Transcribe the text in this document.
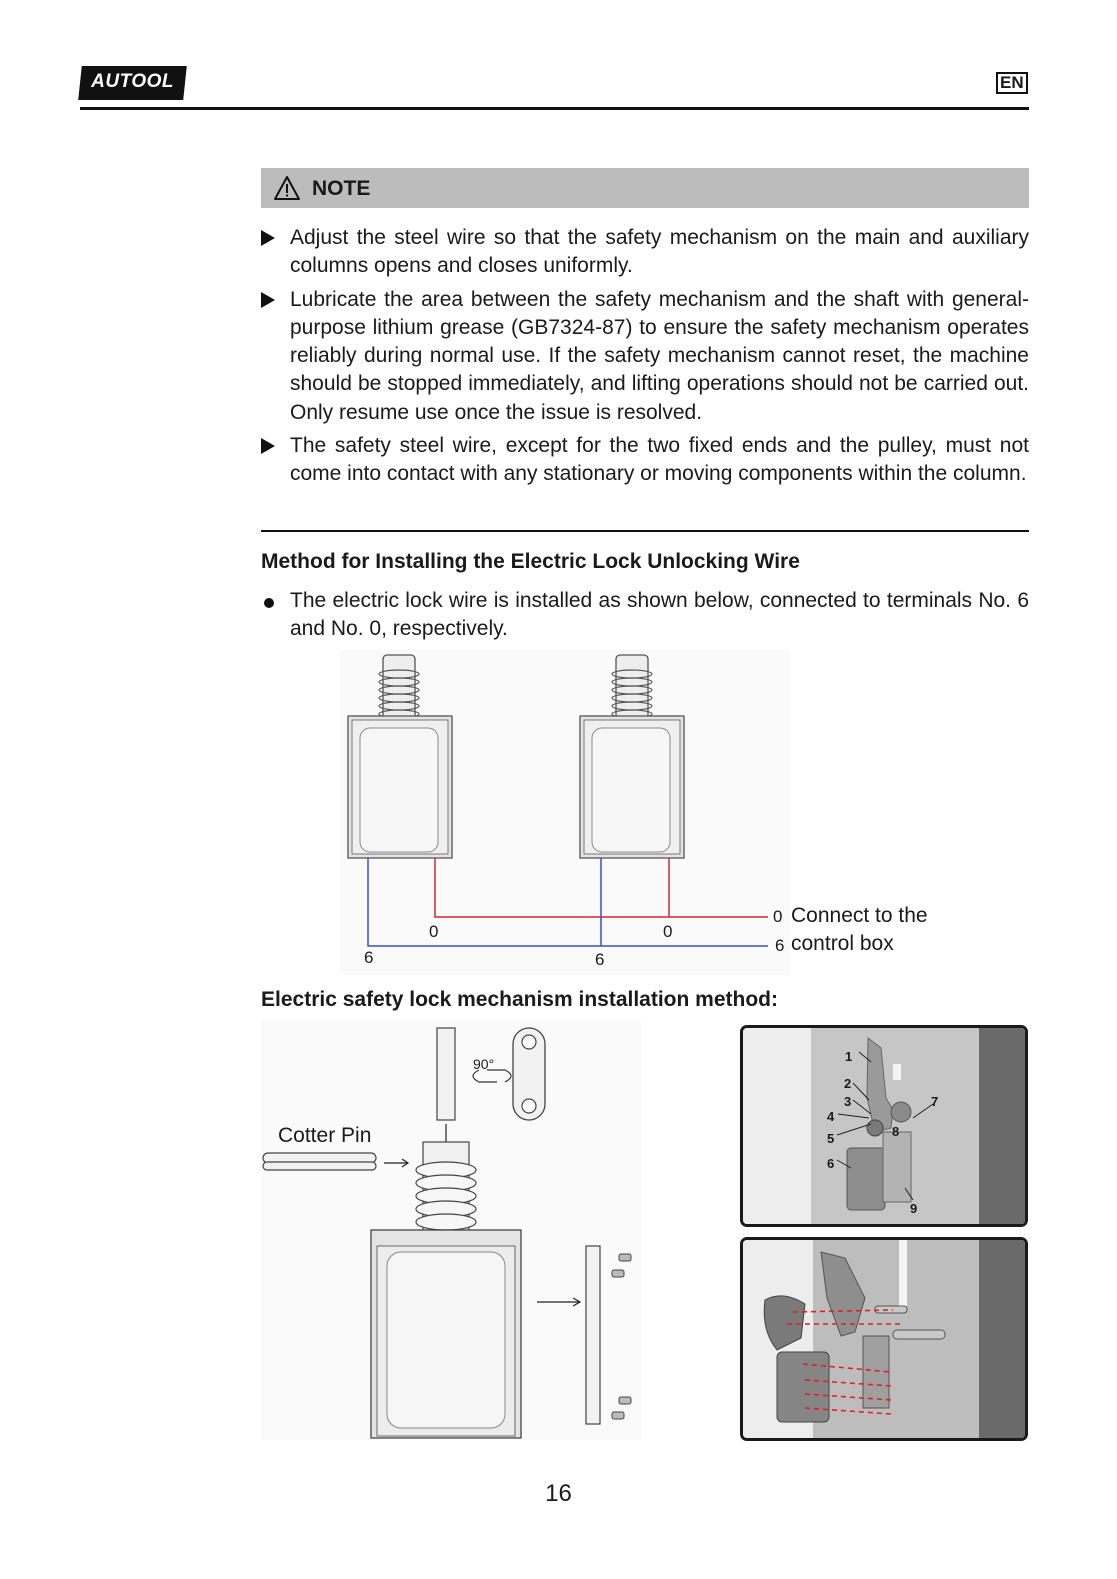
AUTOOL	EN
NOTE
Adjust the steel wire so that the safety mechanism on the main and auxiliary columns opens and closes uniformly.
Lubricate the area between the safety mechanism and the shaft with general-purpose lithium grease (GB7324-87) to ensure the safety mechanism operates reliably during normal use. If the safety mechanism cannot reset, the machine should be stopped immediately, and lifting operations should not be carried out. Only resume use once the issue is resolved.
The safety steel wire, except for the two fixed ends and the pulley, must not come into contact with any stationary or moving components within the column.
Method for Installing the Electric Lock Unlocking Wire
The electric lock wire is installed as shown below, connected to terminals No. 6 and No. 0, respectively.
0	0
6	6
0
6
Connect to the
control box
Electric safety lock mechanism installation method:
90°
Cotter Pin
1
2
3
4
5
6
7
8
9
16
